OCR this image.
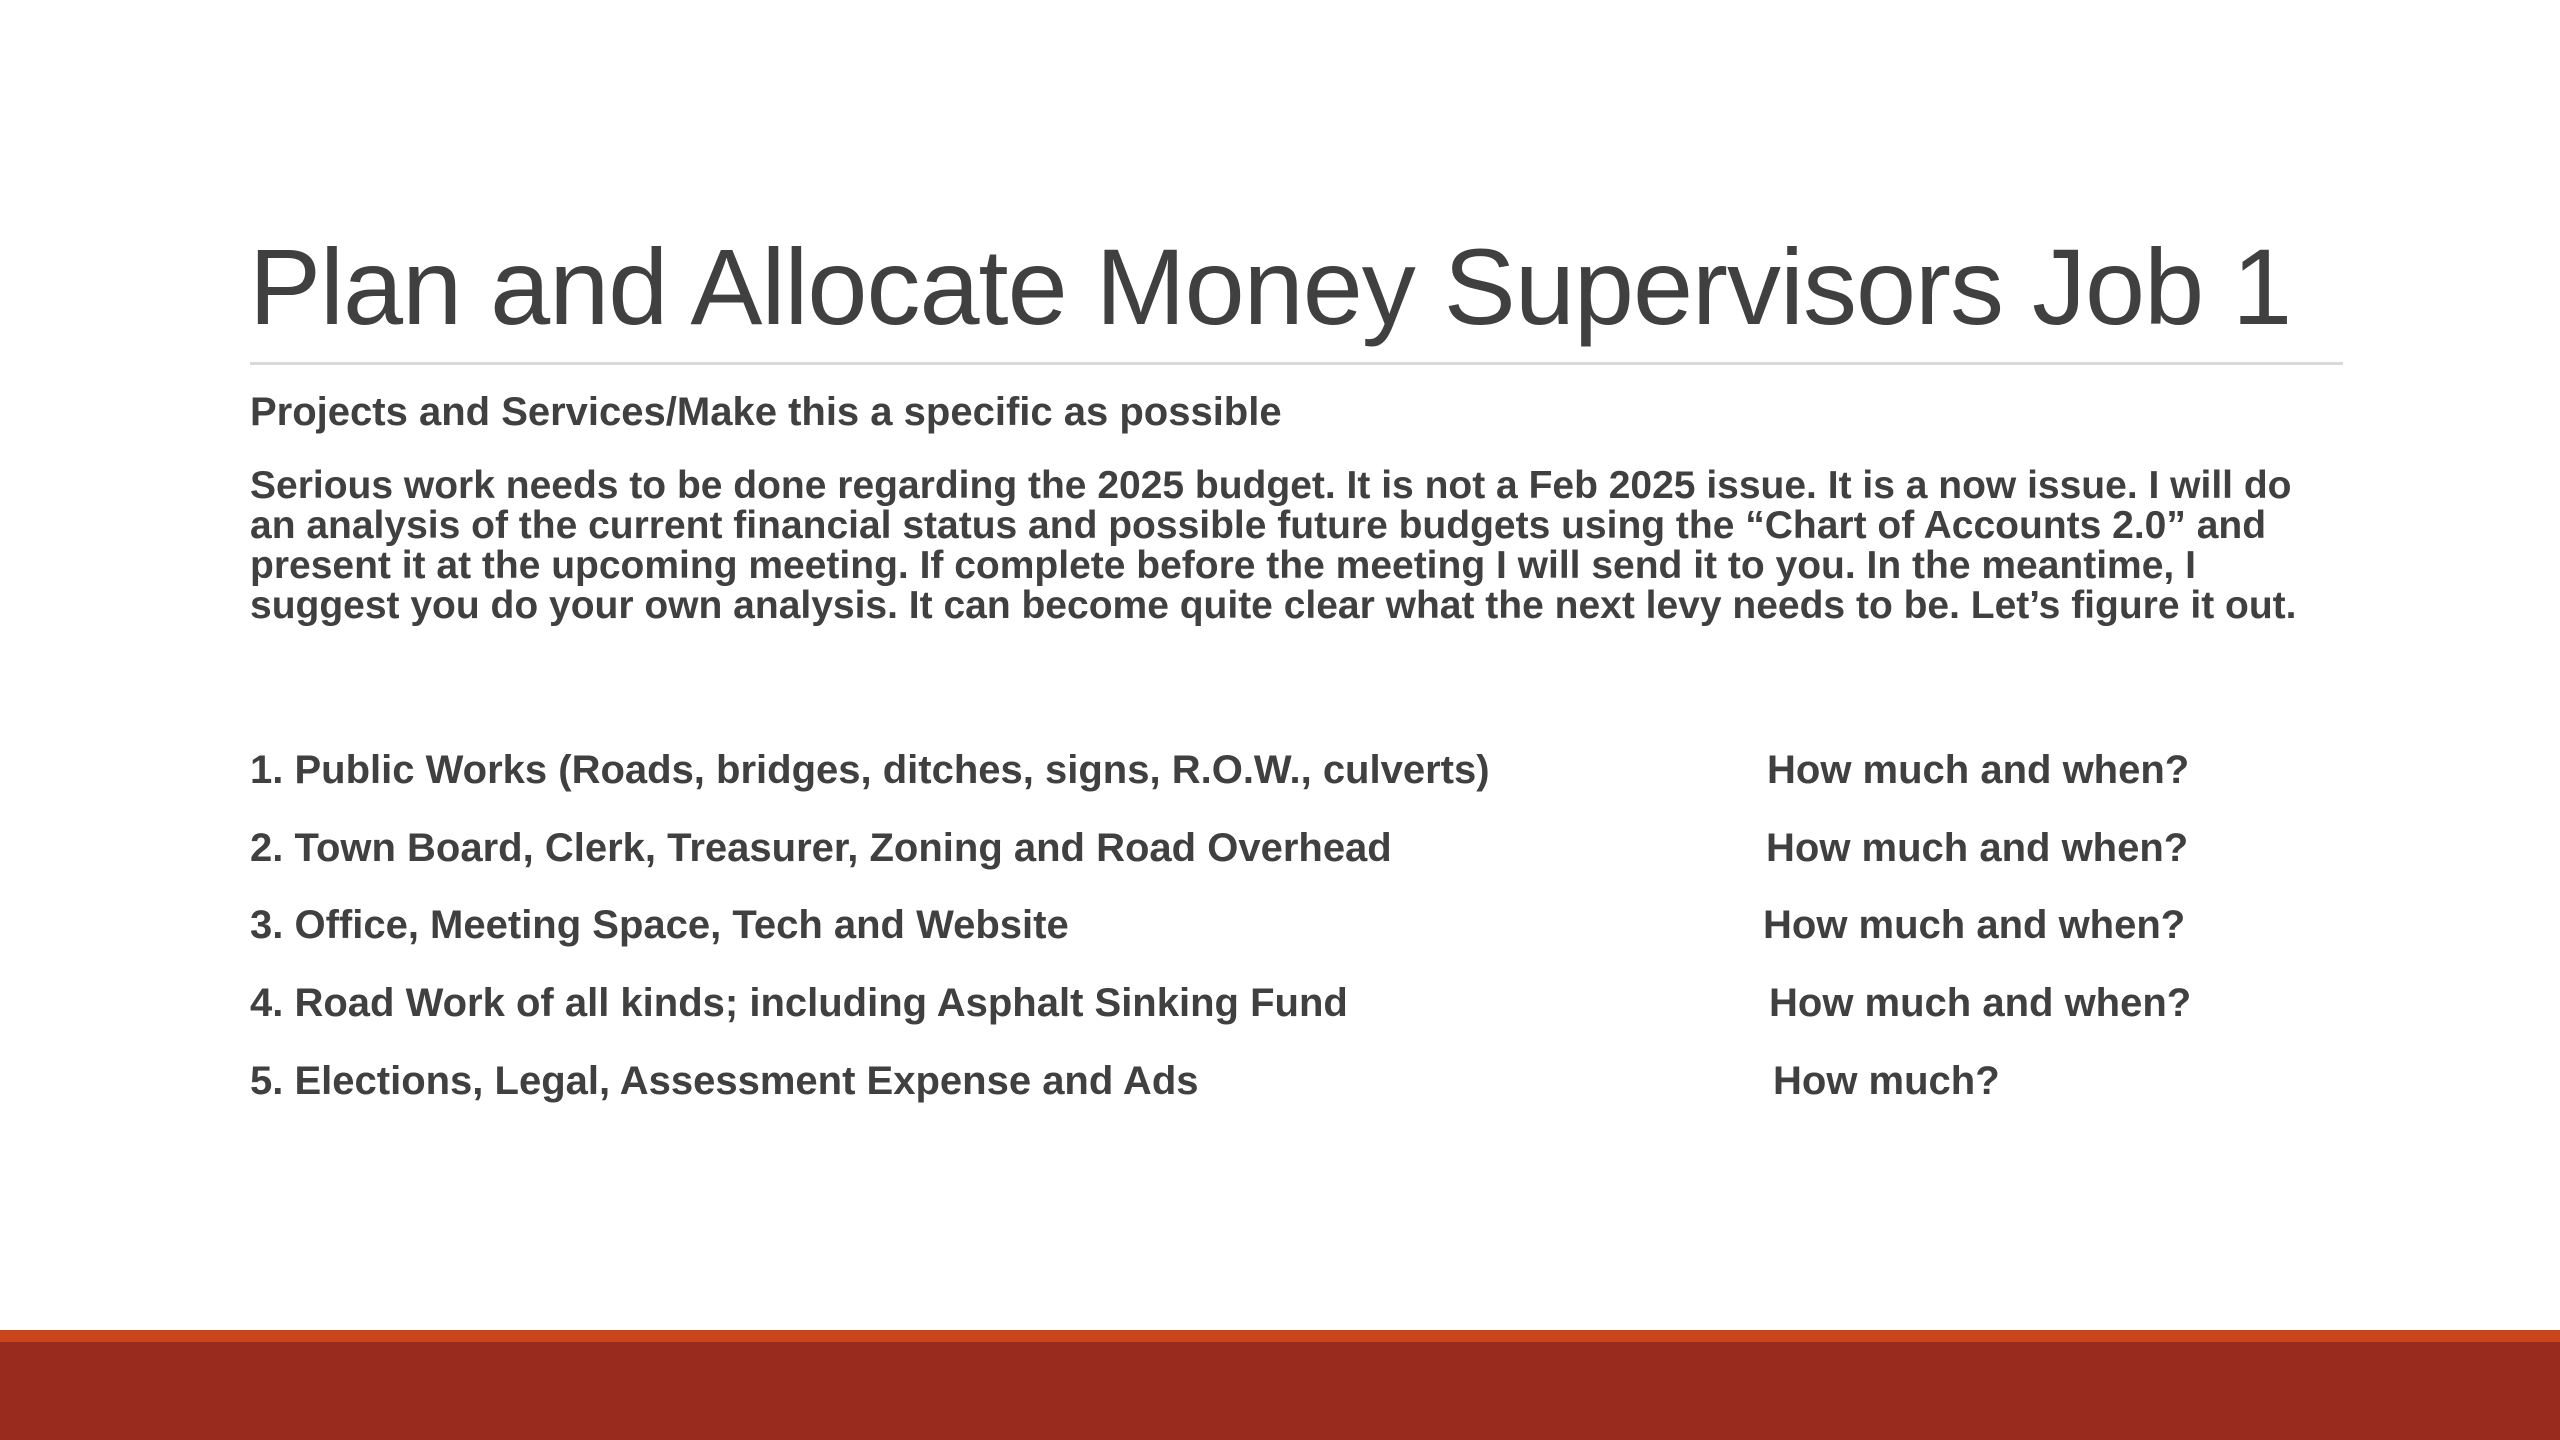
Plan and Allocate Money Supervisors Job 1

Projects and Services/Make this a specific as possible

Serious work needs to be done regarding the 2025 budget. It is not a Feb 2025 issue. It is a now issue. I will do an analysis of the current financial status and possible future budgets using the “Chart of Accounts 2.0” and present it at the upcoming meeting. If complete before the meeting I will send it to you. In the meantime, I suggest you do your own analysis. It can become quite clear what the next levy needs to be. Let’s figure it out.

1. Public Works (Roads, bridges, ditches, signs, R.O.W., culverts)	How much and when?
2. Town Board, Clerk, Treasurer, Zoning and Road Overhead	How much and when?
3. Office, Meeting Space, Tech and Website	How much and when?
4. Road Work of all kinds; including Asphalt Sinking Fund	How much and when?
5. Elections, Legal, Assessment Expense and Ads	How much?
